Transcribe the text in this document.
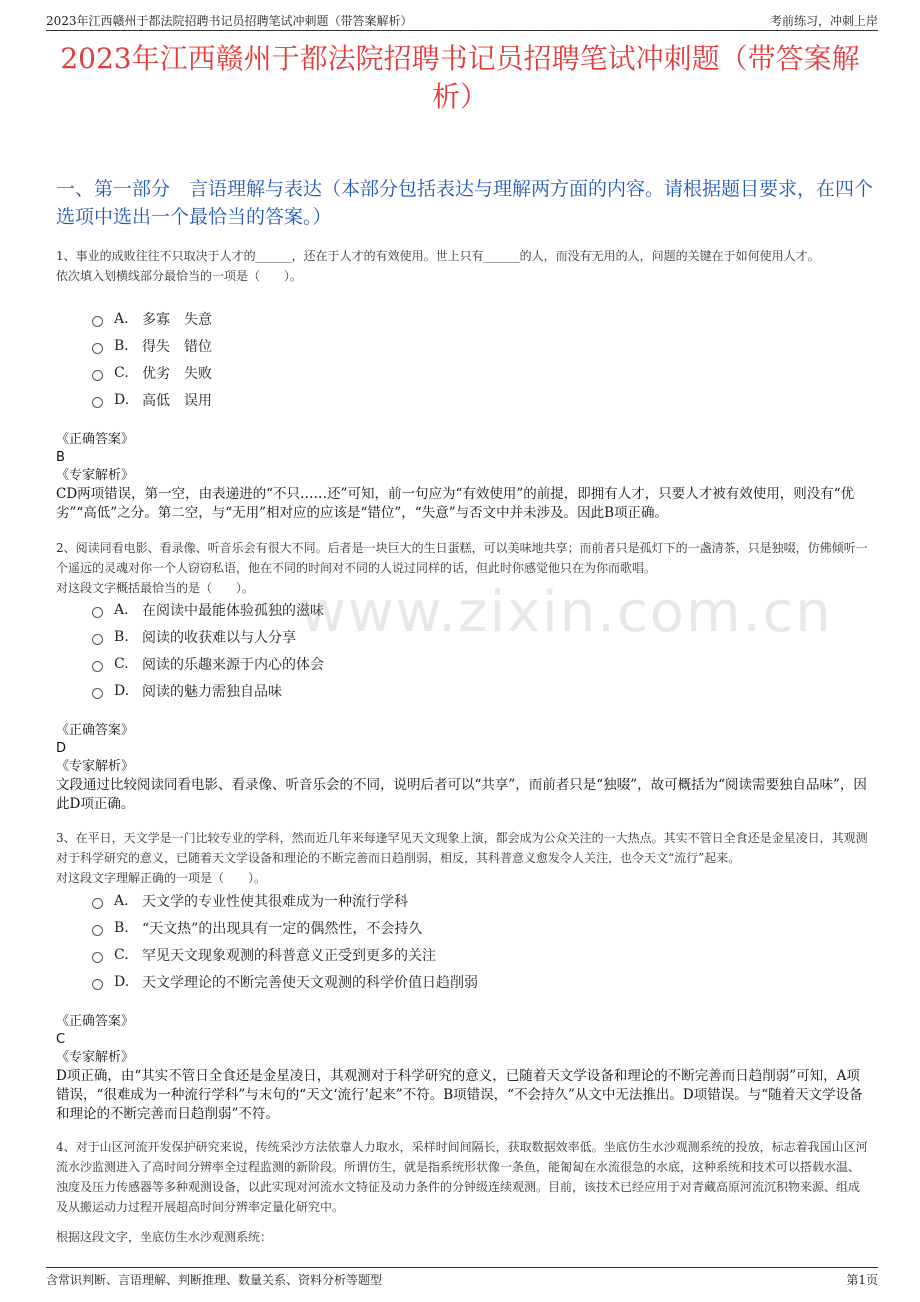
2023年江西赣州于都法院招聘书记员招聘笔试冲刺题（带答案解析）	考前练习，冲刺上岸
2023年江西赣州于都法院招聘书记员招聘笔试冲刺题（带答案解析）
一、第一部分　言语理解与表达（本部分包括表达与理解两方面的内容。请根据题目要求，在四个选项中选出一个最恰当的答案。）

1、事业的成败往往不只取决于人才的______，还在于人才的有效使用。世上只有______的人，而没有无用的人，问题的关键在于如何使用人才。

依次填入划横线部分最恰当的一项是（　　）。

A. 多寡　失意
B. 得失　错位
C. 优劣　失败
D. 高低　误用
《正确答案》
B
《专家解析》
CD两项错误，第一空，由表递进的“不只……还”可知，前一句应为“有效使用”的前提，即拥有人才，只要人才被有效使用，则没有“优劣”“高低”之分。第二空，与“无用”相对应的应该是“错位”，“失意”与否文中并未涉及。因此B项正确。

2、阅读同看电影、看录像、听音乐会有很大不同。后者是一块巨大的生日蛋糕，可以美味地共享；而前者只是孤灯下的一盏清茶，只是独啜，仿佛倾听一个遥远的灵魂对你一个人窃窃私语，他在不同的时间对不同的人说过同样的话，但此时你感觉他只在为你而歌唱。

对这段文字概括最恰当的是（　　）。

A. 在阅读中最能体验孤独的滋味
B. 阅读的收获难以与人分享
C. 阅读的乐趣来源于内心的体会
D. 阅读的魅力需独自品味
《正确答案》
D
《专家解析》
文段通过比较阅读同看电影、看录像、听音乐会的不同，说明后者可以“共享”，而前者只是“独啜”，故可概括为“阅读需要独自品味”，因此D项正确。
www.zixin.com.cn

3、在平日，天文学是一门比较专业的学科，然而近几年来每逢罕见天文现象上演，都会成为公众关注的一大热点。其实不管日全食还是金星凌日，其观测对于科学研究的意义，已随着天文学设备和理论的不断完善而日趋削弱，相反，其科普意义愈发令人关注，也令天文“流行”起来。

对这段文字理解正确的一项是（　　）。

A. 天文学的专业性使其很难成为一种流行学科
B. “天文热”的出现具有一定的偶然性，不会持久
C. 罕见天文现象观测的科普意义正受到更多的关注
D. 天文学理论的不断完善使天文观测的科学价值日趋削弱
《正确答案》
C
《专家解析》
D项正确，由“其实不管日全食还是金星凌日，其观测对于科学研究的意义，已随着天文学设备和理论的不断完善而日趋削弱”可知，A项错误，“很难成为一种流行学科”与末句的“天文‘流行’起来”不符。B项错误，“不会持久”从文中无法推出。D项错误。与“随着天文学设备和理论的不断完善而日趋削弱”不符。

4、对于山区河流开发保护研究来说，传统采沙方法依靠人力取水，采样时间间隔长，获取数据效率低。坐底仿生水沙观测系统的投放，标志着我国山区河流水沙监测进入了高时间分辨率全过程监测的新阶段。所谓仿生，就是指系统形状像一条鱼，能匍匐在水流很急的水底，这种系统和技术可以搭载水温、浊度及压力传感器等多种观测设备，以此实现对河流水文特征及动力条件的分钟级连续观测。目前，该技术已经应用于对青藏高原河流沉积物来源、组成及从搬运动力过程开展超高时间分辨率定量化研究中。

根据这段文字，坐底仿生水沙观测系统：

含常识判断、言语理解、判断推理、数量关系、资料分析等题型	第1页
